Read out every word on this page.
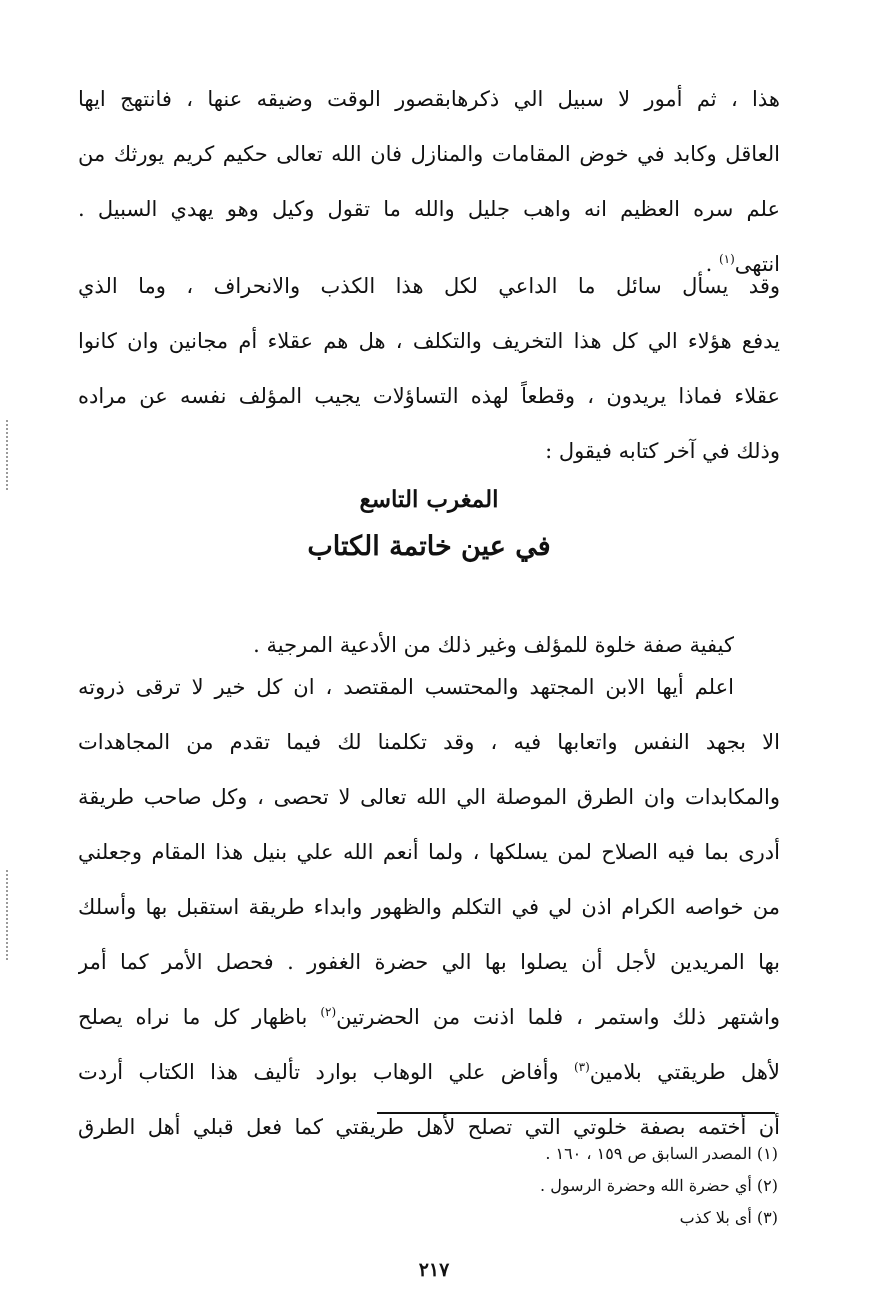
هذا ، ثم أمور لا سبيل الي ذكرهابقصور الوقت وضيقه عنها ، فانتهج ايها
العاقل وكابد في خوض المقامات والمنازل فان الله تعالى حكيم كريم يورثك من
علم سره العظيم انه واهب جليل والله ما تقول وكيل وهو يهدي السبيل .
انتهى$^{(١)}$ .
وقد يسأل سائل ما الداعي لكل هذا الكذب والانحراف ، وما الذي
يدفع هؤلاء الي كل هذا التخريف والتكلف ، هل هم عقلاء أم مجانين وان كانوا
عقلاء فماذا يريدون ، وقطعاً لهذه التساؤلات يجيب المؤلف نفسه عن مراده
وذلك في آخر كتابه فيقول :
المغرب التاسع
في عين خاتمة الكتاب
كيفية صفة خلوة للمؤلف وغير ذلك من الأدعية المرجية .
اعلم أيها الابن المجتهد والمحتسب المقتصد ، ان كل خير لا ترقى ذروته
الا بجهد النفس واتعابها فيه ، وقد تكلمنا لك فيما تقدم من المجاهدات
والمكابدات وان الطرق الموصلة الي الله تعالى لا تحصى ، وكل صاحب طريقة
أدرى بما فيه الصلاح لمن يسلكها ، ولما أنعم الله علي بنيل هذا المقام وجعلني
من خواصه الكرام اذن لي في التكلم والظهور وابداء طريقة استقبل بها وأسلك
بها المريدين لأجل أن يصلوا بها الي حضرة الغفور . فحصل الأمر كما أمر
واشتهر ذلك واستمر ، فلما اذنت من الحضرتين$^{(٢)}$ باظهار كل ما نراه يصلح
لأهل طريقتي بلامين$^{(٣)}$ وأفاض علي الوهاب بوارد تأليف هذا الكتاب أردت
أن أختمه بصفة خلوتي التي تصلح لأهل طريقتي كما فعل قبلي أهل الطرق
(١) المصدر السابق ص ١٥٩ ، ١٦٠ .
(٢) أي حضرة الله وحضرة الرسول .
(٣) أى بلا كذب
٢١٧
